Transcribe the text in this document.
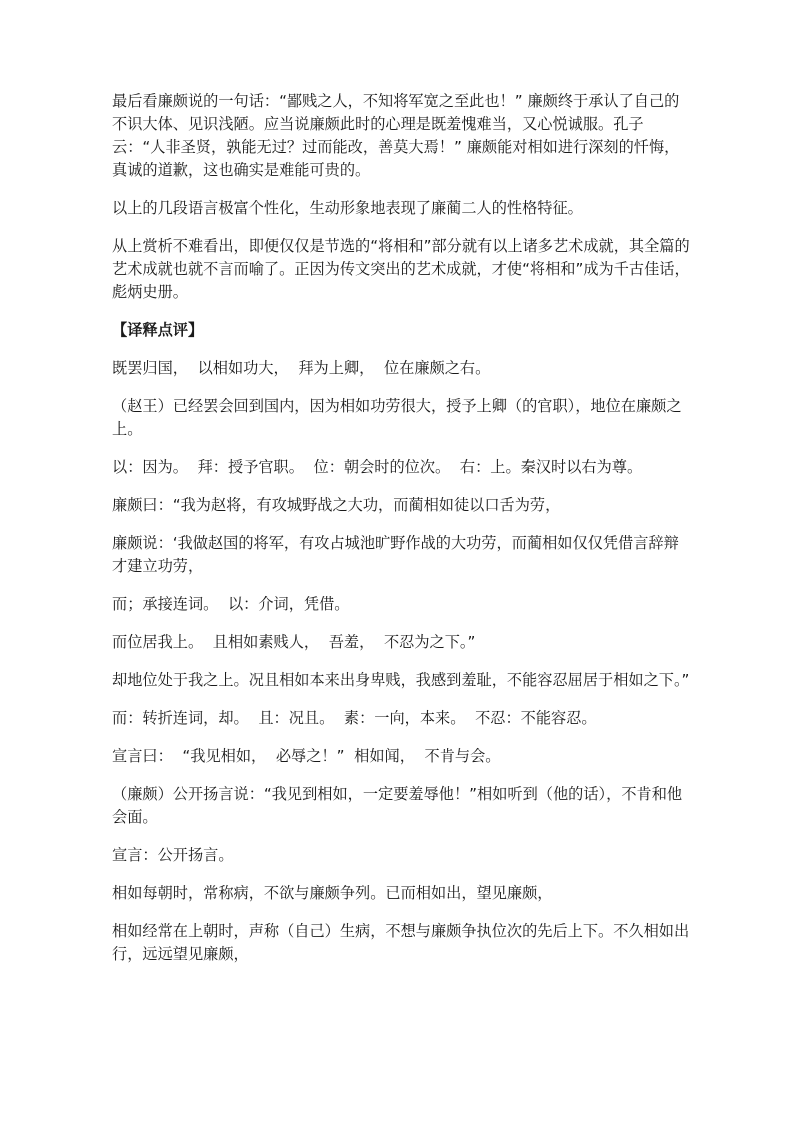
最后看廉颇说的一句话：“鄙贱之人，不知将军宽之至此也！” 廉颇终于承认了自己的不识大体、见识浅陋。应当说廉颇此时的心理是既羞愧难当，又心悦诚服。孔子云：“人非圣贤，孰能无过？过而能改，善莫大焉！” 廉颇能对相如进行深刻的忏悔，真诚的道歉，这也确实是难能可贵的。

以上的几段语言极富个性化，生动形象地表现了廉蔺二人的性格特征。

从上赏析不难看出，即便仅仅是节选的“将相和”部分就有以上诸多艺术成就，其全篇的艺术成就也就不言而喻了。正因为传文突出的艺术成就，才使“将相和”成为千古佳话，彪炳史册。

【译释点评】

既罢归国，  以相如功大，  拜为上卿，  位在廉颇之右。

（赵王）已经罢会回到国内，因为相如功劳很大，授予上卿（的官职），地位在廉颇之上。

以：因为。  拜：授予官职。  位：朝会时的位次。  右：上。秦汉时以右为尊。

廉颇曰：“我为赵将，有攻城野战之大功，而蔺相如徒以口舌为劳，

廉颇说：‘我做赵国的将军，有攻占城池旷野作战的大功劳，而蔺相如仅仅凭借言辞辩才建立功劳，

而；承接连词。  以：介词，凭借。

而位居我上。  且相如素贱人，  吾羞，  不忍为之下。”

却地位处于我之上。况且相如本来出身卑贱，我感到羞耻，不能容忍屈居于相如之下。”

而：转折连词，却。  且：况且。  素：一向，本来。  不忍：不能容忍。

宣言曰：  “我见相如，  必辱之！”  相如闻，  不肯与会。

（廉颇）公开扬言说：“我见到相如，一定要羞辱他！”相如听到（他的话），不肯和他会面。

宣言：公开扬言。

相如每朝时，常称病，不欲与廉颇争列。已而相如出，望见廉颇，

相如经常在上朝时，声称（自己）生病，不想与廉颇争执位次的先后上下。不久相如出行，远远望见廉颇，
